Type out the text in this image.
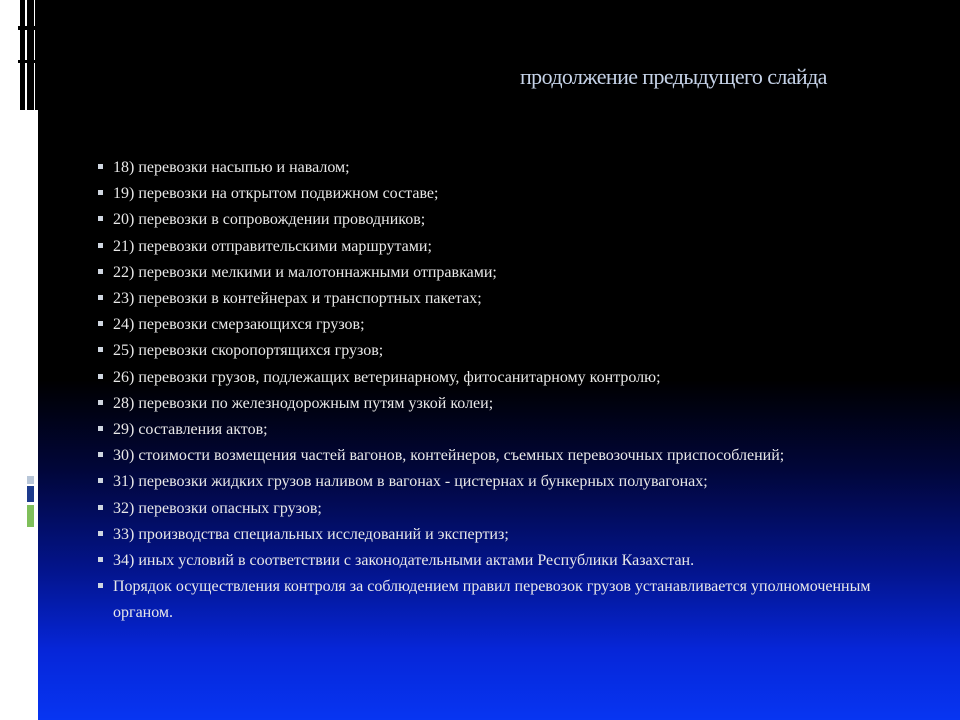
продолжение предыдущего слайда
18) перевозки насыпью и навалом;
19) перевозки на открытом подвижном составе;
20) перевозки в сопровождении проводников;
21) перевозки отправительскими маршрутами;
22) перевозки мелкими и малотоннажными отправками;
23) перевозки в контейнерах и транспортных пакетах;
24) перевозки смерзающихся грузов;
25) перевозки скоропортящихся грузов;
26) перевозки грузов, подлежащих ветеринарному, фитосанитарному контролю;
28) перевозки по железнодорожным путям узкой колеи;
29) составления актов;
30) стоимости возмещения частей вагонов, контейнеров, съемных перевозочных приспособлений;
31) перевозки жидких грузов наливом в вагонах - цистернах и бункерных полувагонах;
32) перевозки опасных грузов;
33) производства специальных исследований и экспертиз;
34) иных условий в соответствии с законодательными актами Республики Казахстан.
Порядок осуществления контроля за соблюдением правил перевозок грузов устанавливается уполномоченным органом.
